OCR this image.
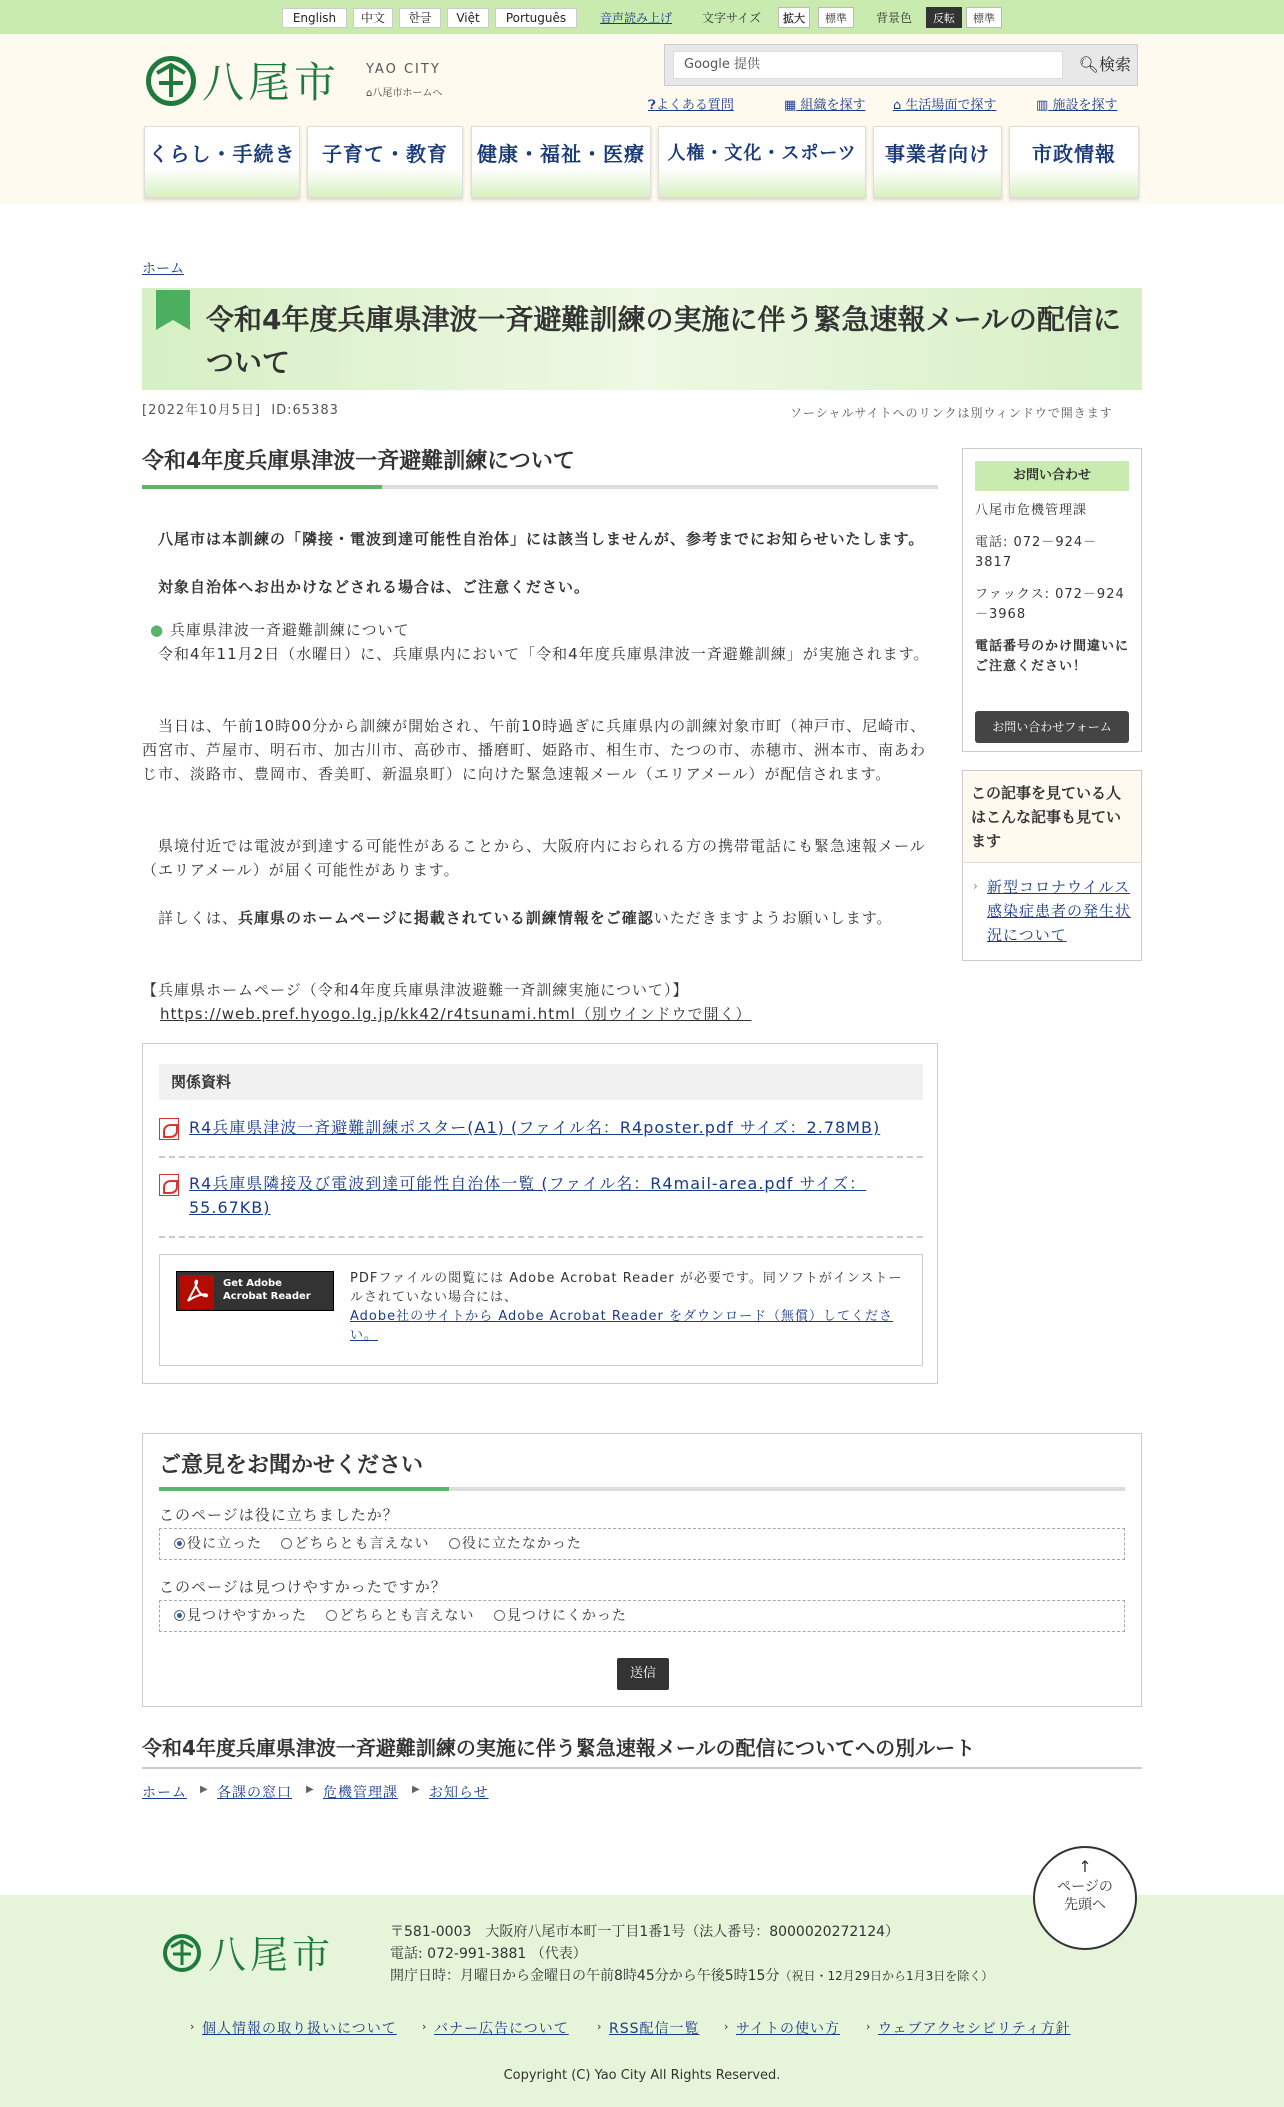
English	中文	한글	Việt	Português	音声読み上げ 文字サイズ	拡大	標準	背景色	反転	標準
八尾市 YAO CITY
⌂八尾市ホームへ
Google 提供	🔍︎検索
❓︎よくある質問	▦ 組織を探す ⌂ 生活場面で探す	▥ 施設を探す
くらし・手続き	子育て・教育	健康・福祉・医療	人権・文化・スポーツ	事業者向け	市政情報
ホーム
令和4年度兵庫県津波一斉避難訓練の実施に伴う緊急速報メールの配信について
[2022年10月5日] ID:65383	ソーシャルサイトへのリンクは別ウィンドウで開きます
令和4年度兵庫県津波一斉避難訓練について
八尾市は本訓練の「隣接・電波到達可能性自治体」には該当しませんが、参考までにお知らせいたします。
対象自治体へお出かけなどされる場合は、ご注意ください。
● 兵庫県津波一斉避難訓練について
令和4年11月2日（水曜日）に、兵庫県内において「令和4年度兵庫県津波一斉避難訓練」が実施されます。
当日は、午前10時00分から訓練が開始され、午前10時過ぎに兵庫県内の訓練対象市町（神戸市、尼崎市、西宮市、芦屋市、明石市、加古川市、高砂市、播磨町、姫路市、相生市、たつの市、赤穂市、洲本市、南あわじ市、淡路市、豊岡市、香美町、新温泉町）に向けた緊急速報メール（エリアメール）が配信されます。
県境付近では電波が到達する可能性があることから、大阪府内におられる方の携帯電話にも緊急速報メール（エリアメール）が届く可能性があります。
詳しくは、兵庫県のホームページに掲載されている訓練情報をご確認いただきますようお願いします。
【兵庫県ホームページ（令和4年度兵庫県津波避難一斉訓練実施について）】
https://web.pref.hyogo.lg.jp/kk42/r4tsunami.html（別ウインドウで開く）
関係資料
R4兵庫県津波一斉避難訓練ポスター(A1) (ファイル名：R4poster.pdf サイズ：2.78MB)
R4兵庫県隣接及び電波到達可能性自治体一覧 (ファイル名：R4mail-area.pdf サイズ：55.67KB)
Get Adobe
Acrobat Reader
PDFファイルの閲覧には Adobe Acrobat Reader が必要です。同ソフトがインストールされていない場合には、
Adobe社のサイトから Adobe Acrobat Reader をダウンロード（無償）してください。
お問い合わせ

八尾市危機管理課

電話: 072－924－3817

ファックス: 072－924－3968

電話番号のかけ間違いにご注意ください！

お問い合わせフォーム
この記事を見ている人はこんな記事も見ています
› 新型コロナウイルス感染症患者の発生状況について
ご意見をお聞かせください
このページは役に立ちましたか？
役に立った どちらとも言えない 役に立たなかった
このページは見つけやすかったですか？
見つけやすかった どちらとも言えない 見つけにくかった
送信
令和4年度兵庫県津波一斉避難訓練の実施に伴う緊急速報メールの配信についてへの別ルート
ホーム ▶ 各課の窓口 ▶ 危機管理課 ▶ お知らせ
↑
ページの
先頭へ
八尾市
〒581-0003　大阪府八尾市本町一丁目1番1号（法人番号：8000020272124）
電話: 072-991-3881 （代表）
開庁日時：月曜日から金曜日の午前8時45分から午後5時15分（祝日・12月29日から1月3日を除く）
› 個人情報の取り扱いについて › バナー広告について	› RSS配信一覧 › サイトの使い方 › ウェブアクセシビリティ方針
Copyright (C) Yao City All Rights Reserved.
